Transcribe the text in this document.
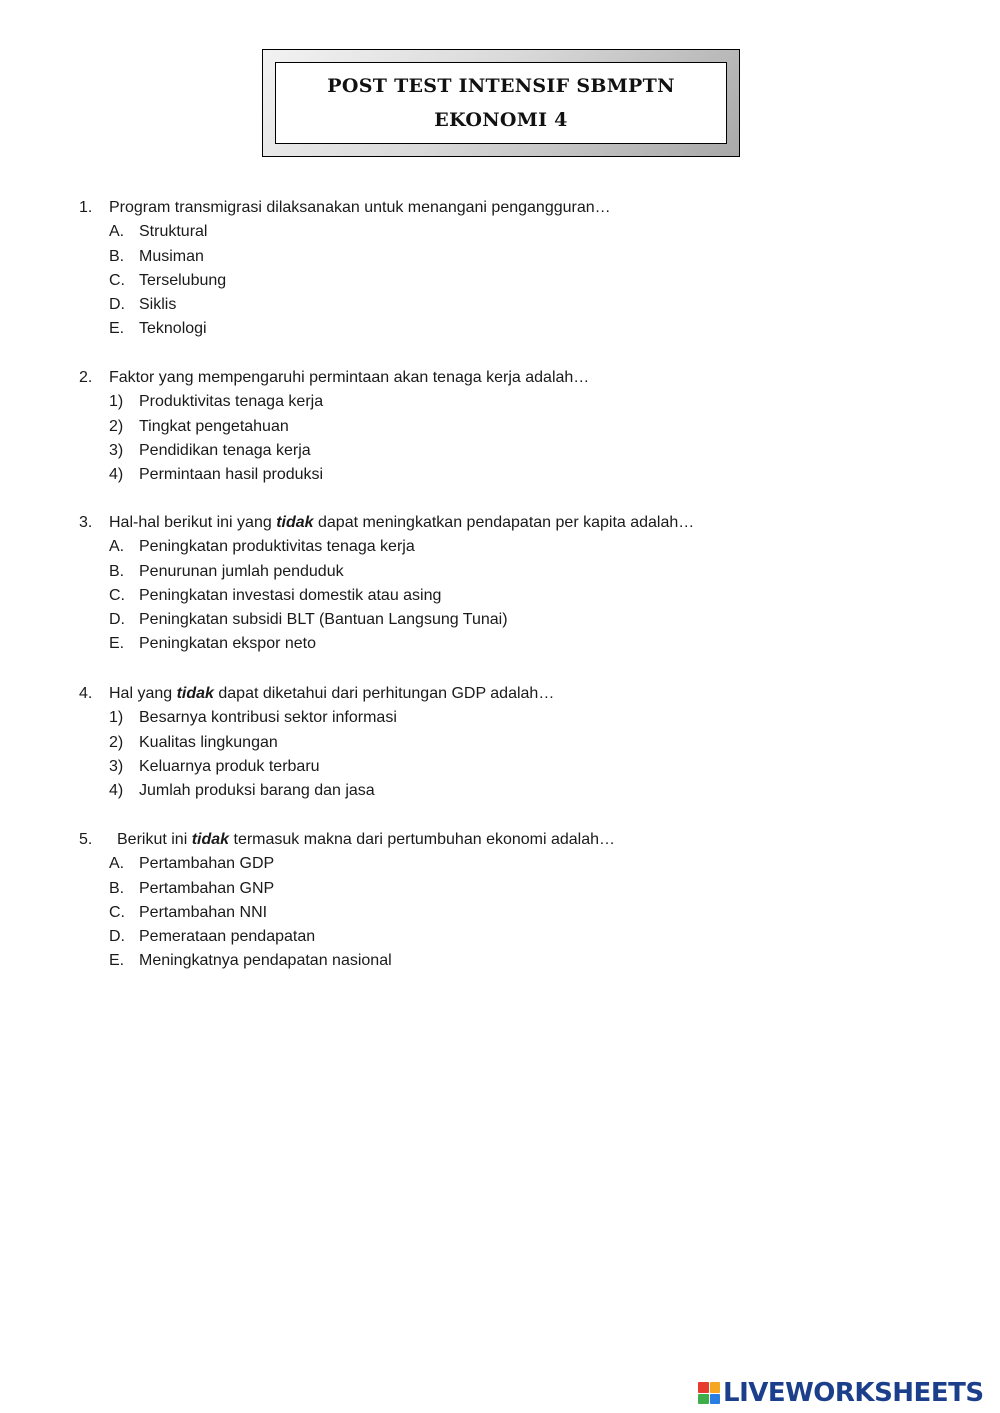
POST TEST INTENSIF SBMPTN
EKONOMI 4
1. Program transmigrasi dilaksanakan untuk menangani pengangguran…
A. Struktural
B. Musiman
C. Terselubung
D. Siklis
E. Teknologi
2. Faktor yang mempengaruhi permintaan akan tenaga kerja adalah…
1) Produktivitas tenaga kerja
2) Tingkat pengetahuan
3) Pendidikan tenaga kerja
4) Permintaan hasil produksi
3. Hal-hal berikut ini yang tidak dapat meningkatkan pendapatan per kapita adalah…
A. Peningkatan produktivitas tenaga kerja
B. Penurunan jumlah penduduk
C. Peningkatan investasi domestik atau asing
D. Peningkatan subsidi BLT (Bantuan Langsung Tunai)
E. Peningkatan ekspor neto
4. Hal yang tidak dapat diketahui dari perhitungan GDP adalah…
1) Besarnya kontribusi sektor informasi
2) Kualitas lingkungan
3) Keluarnya produk terbaru
4) Jumlah produksi barang dan jasa
5. Berikut ini tidak termasuk makna dari pertumbuhan ekonomi adalah…
A. Pertambahan GDP
B. Pertambahan GNP
C. Pertambahan NNI
D. Pemerataan pendapatan
E. Meningkatnya pendapatan nasional
LIVEWORKSHEETS
